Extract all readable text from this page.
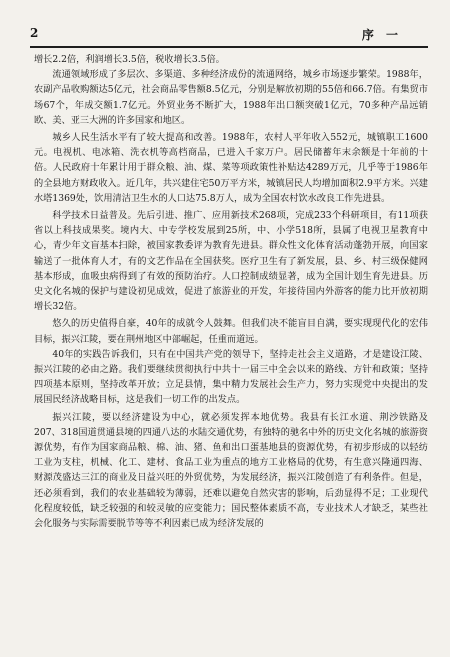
2	序 一

增长2.2倍，利润增长3.5倍，税收增长3.5倍。

流通领域形成了多层次、多渠道、多种经济成份的流通网络，城乡市场逐步繁荣。1988年，农副产品收购额达5亿元，社会商品零售额8.5亿元，分别是解放初期的55倍和66.7倍。有集贸市场67个，年成交额1.7亿元。外贸业务不断扩大，1988年出口额突破1亿元，70多种产品远销欧、美、亚三大洲的许多国家和地区。

城乡人民生活水平有了较大提高和改善。1988年，农村人平年收入552元，城镇职工1600元。电视机、电冰箱、洗衣机等高档商品，已进入千家万户。居民储蓄年末余额是十年前的十倍。人民政府十年累计用于群众粮、油、煤、菜等项政策性补贴达4289万元，几乎等于1986年的全县地方财政收入。近几年，共兴建住宅50万平方米，城镇居民人均增加面积2.9平方米。兴建水塔1369处，饮用清洁卫生水的人口达75.8万人，成为全国农村饮水改良工作先进县。

科学技术日益普及。先后引进、推广、应用新技术268项，完成233个科研项目，有11项获省以上科技成果奖。境内大、中专学校发展到25所，中、小学518所，县属了电视卫星教育中心，青少年文盲基本扫除，被国家教委评为教育先进县。群众性文化体育活动蓬勃开展，向国家输送了一批体育人才，有的文艺作品在全国获奖。医疗卫生有了新发展，县、乡、村三级保健网基本形成，血吸虫病得到了有效的预防治疗。人口控制成绩显著，成为全国计划生育先进县。历史文化名城的保护与建设初见成效，促进了旅游业的开发，年接待国内外游客的能力比开放初期增长32倍。

悠久的历史值得自豪，40年的成就令人鼓舞。但我们决不能盲目自满，要实现现代化的宏伟目标，振兴江陵，要在荆州地区中部崛起，任重而道远。

40年的实践告诉我们，只有在中国共产党的领导下，坚持走社会主义道路，才是建设江陵、振兴江陵的必由之路。我们要继续贯彻执行中共十一届三中全会以来的路线、方针和政策；坚持四项基本原则，坚持改革开放；立足县情，集中精力发展社会生产力，努力实现党中央提出的发展国民经济战略目标，这是我们一切工作的出发点。

振兴江陵，要以经济建设为中心，就必须发挥本地优势。我县有长江水道、荆沙铁路及207、318国道贯通县境的四通八达的水陆交通优势，有独特的驰名中外的历史文化名城的旅游资源优势，有作为国家商品粮、棉、油、猪、鱼和出口蛋基地县的资源优势，有初步形成的以轻纺工业为支柱，机械、化工、建材、食品工业为重点的地方工业格局的优势，有生意兴隆通四海、财源茂盛达三江的商业及日益兴旺的外贸优势，为发展经济，振兴江陵创造了有利条件。但是，还必须看到，我们的农业基础较为薄弱，还难以避免自然灾害的影响，后劲显得不足；工业现代化程度较低，缺乏较强的和较灵敏的应变能力；国民整体素质不高，专业技术人才缺乏，某些社会化服务与实际需要脱节等等不利因素已成为经济发展的
